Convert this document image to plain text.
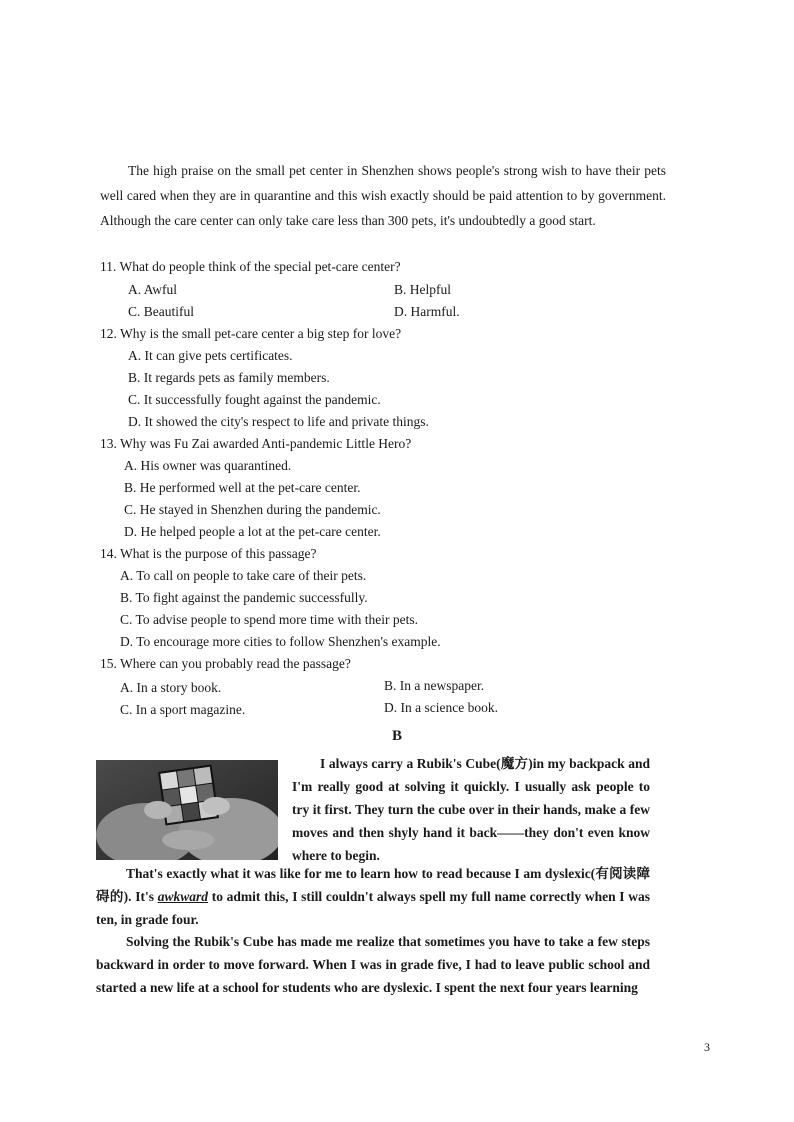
The high praise on the small pet center in Shenzhen shows people's strong wish to have their pets well cared when they are in quarantine and this wish exactly should be paid attention to by government. Although the care center can only take care less than 300 pets, it's undoubtedly a good start.
11. What do people think of the special pet-care center?
A. Awful	B. Helpful
C. Beautiful	D. Harmful.
12. Why is the small pet-care center a big step for love?
A. It can give pets certificates.
B. It regards pets as family members.
C. It successfully fought against the pandemic.
D. It showed the city's respect to life and private things.
13. Why was Fu Zai awarded Anti-pandemic Little Hero?
A. His owner was quarantined.
B. He performed well at the pet-care center.
C. He stayed in Shenzhen during the pandemic.
D. He helped people a lot at the pet-care center.
14. What is the purpose of this passage?
A. To call on people to take care of their pets.
B. To fight against the pandemic successfully.
C. To advise people to spend more time with their pets.
D. To encourage more cities to follow Shenzhen's example.
15. Where can you probably read the passage?
A. In a story book.	B. In a newspaper.
C. In a sport magazine.	D. In a science book.
B
I always carry a Rubik's Cube(魔方)in my backpack and I'm really good at solving it quickly. I usually ask people to try it first. They turn the cube over in their hands, make a few moves and then shyly hand it back——they don't even know where to begin.
That's exactly what it was like for me to learn how to read because I am dyslexic(有阅读障碍的). It's awkward to admit this, I still couldn't always spell my full name correctly when I was ten, in grade four.
Solving the Rubik's Cube has made me realize that sometimes you have to take a few steps backward in order to move forward. When I was in grade five, I had to leave public school and started a new life at a school for students who are dyslexic. I spent the next four years learning
3
